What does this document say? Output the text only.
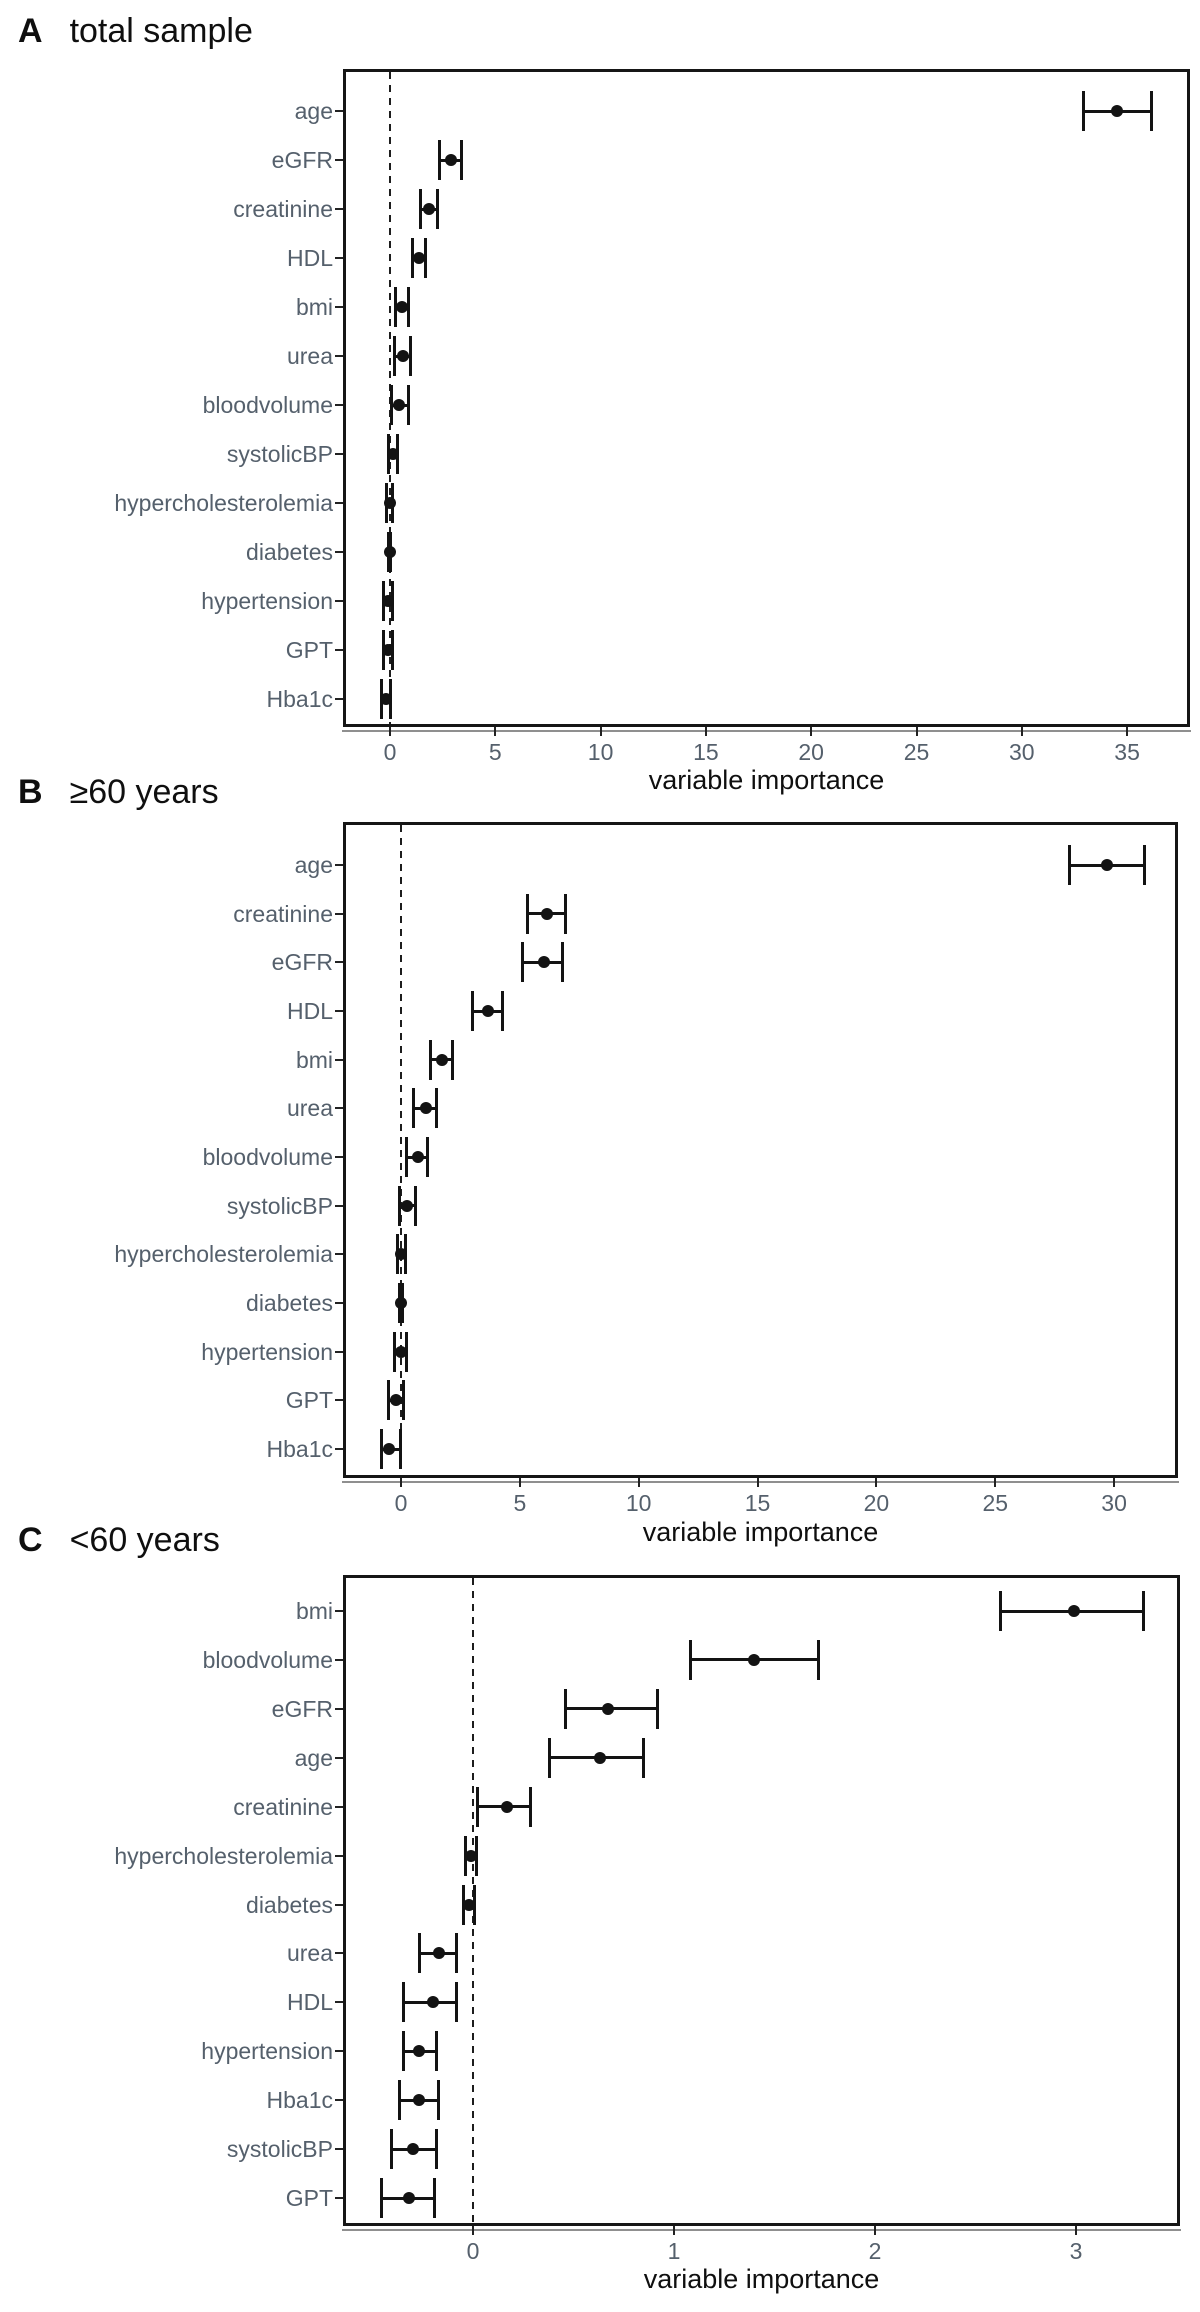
A total sample
variable importance
B ≥60 years
variable importance
C <60 years
variable importance
0	5	10	15	20	25	30	35
age
eGFR
creatinine
HDL
bmi
urea
bloodvolume
systolicBP
hypercholesterolemia
diabetes
hypertension
GPT
Hba1c
0	5	10	15	20	25	30
age
creatinine
eGFR
HDL
bmi
urea
bloodvolume
systolicBP
hypercholesterolemia
diabetes
hypertension
GPT
Hba1c
0	1	2	3
bmi
bloodvolume
eGFR
age
creatinine
hypercholesterolemia
diabetes
urea
HDL
hypertension
Hba1c
systolicBP
GPT
